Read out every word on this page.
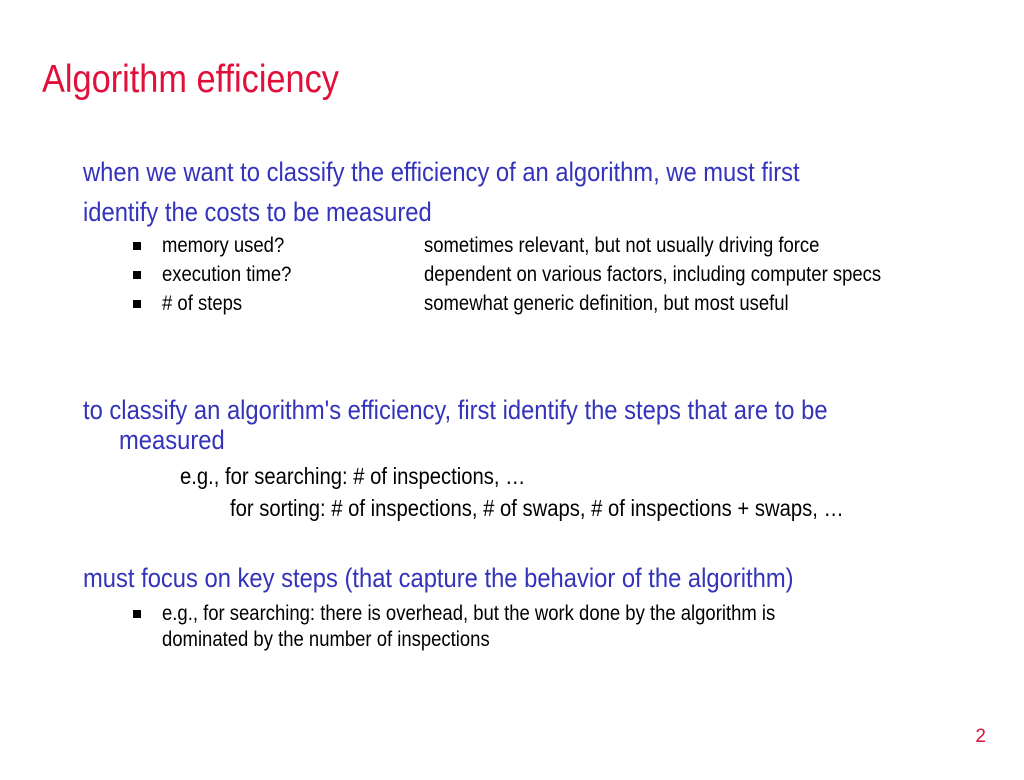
Algorithm efficiency
when we want to classify the efficiency of an algorithm, we must first
identify the costs to be measured
memory used?	sometimes relevant, but not usually driving force
execution time?	dependent on various factors, including computer specs
# of steps	somewhat generic definition, but most useful
to classify an algorithm's efficiency, first identify the steps that are to be
measured
e.g., for searching: # of inspections, …
for sorting: # of inspections, # of swaps, # of inspections + swaps, …
must focus on key steps (that capture the behavior of the algorithm)
e.g., for searching: there is overhead, but the work done by the algorithm is
dominated by the number of inspections
2
